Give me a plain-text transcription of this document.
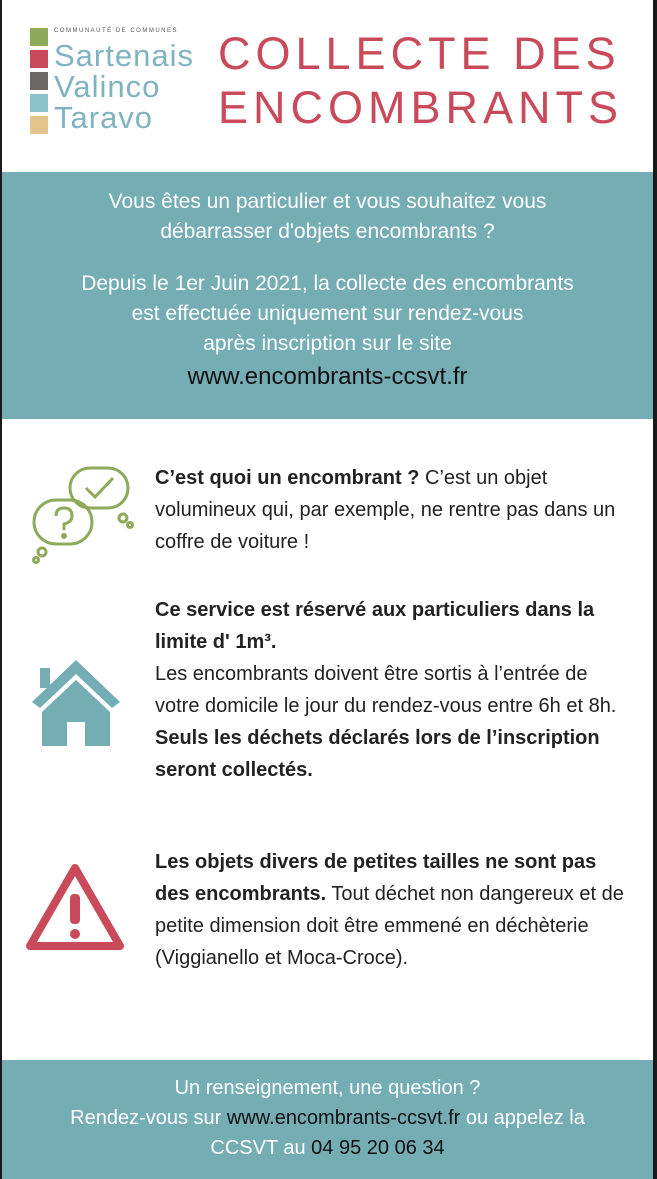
COMMUNAUTÉ DE COMMUNES
Sartenais
Valinco
Taravo
COLLECTE DES
ENCOMBRANTS
Vous êtes un particulier et vous souhaitez vous
débarrasser d'objets encombrants ?
Depuis le 1er Juin 2021, la collecte des encombrants
est effectuée uniquement sur rendez-vous
après inscription sur le site
www.encombrants-ccsvt.fr
C’est quoi un encombrant ? C’est un objet volumineux qui, par exemple, ne rentre pas dans un coffre de voiture !
Ce service est réservé aux particuliers dans la limite d' 1m³.
Les encombrants doivent être sortis à l’entrée de votre domicile le jour du rendez-vous entre 6h et 8h. Seuls les déchets déclarés lors de l’inscription seront collectés.
Les objets divers de petites tailles ne sont pas des encombrants. Tout déchet non dangereux et de petite dimension doit être emmené en déchèterie (Viggianello et Moca-Croce).
Un renseignement, une question ?
Rendez-vous sur www.encombrants-ccsvt.fr ou appelez la
CCSVT au 04 95 20 06 34
